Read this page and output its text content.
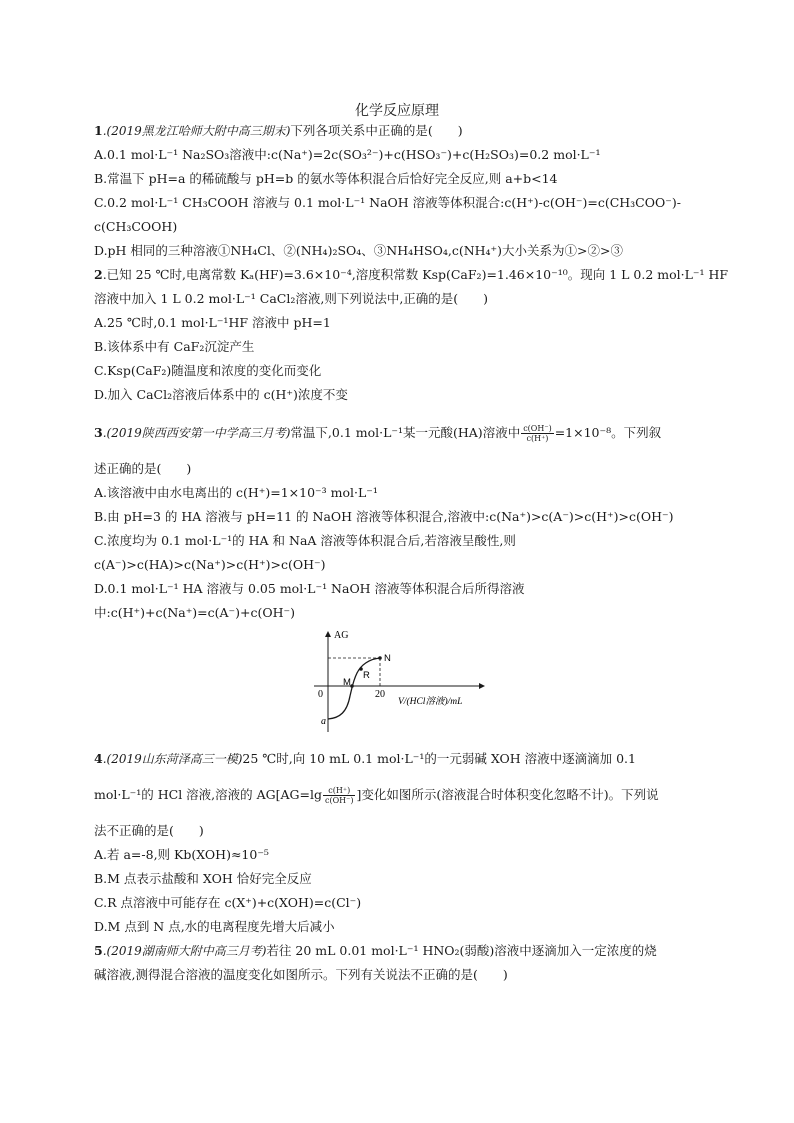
化学反应原理
1.(2019黑龙江哈师大附中高三期末)下列各项关系中正确的是(　　)
A.0.1 mol·L⁻¹ Na₂SO₃溶液中:c(Na⁺)=2c(SO₃²⁻)+c(HSO₃⁻)+c(H₂SO₃)=0.2 mol·L⁻¹
B.常温下 pH=a 的稀硫酸与 pH=b 的氨水等体积混合后恰好完全反应,则 a+b<14
C.0.2 mol·L⁻¹ CH₃COOH 溶液与 0.1 mol·L⁻¹ NaOH 溶液等体积混合:c(H⁺)-c(OH⁻)=c(CH₃COO⁻)-
c(CH₃COOH)
D.pH 相同的三种溶液①NH₄Cl、②(NH₄)₂SO₄、③NH₄HSO₄,c(NH₄⁺)大小关系为①>②>③
2.已知 25 ℃时,电离常数 Kₐ(HF)=3.6×10⁻⁴,溶度积常数 Ksp(CaF₂)=1.46×10⁻¹⁰。现向 1 L 0.2 mol·L⁻¹ HF
溶液中加入 1 L 0.2 mol·L⁻¹ CaCl₂溶液,则下列说法中,正确的是(　　)
A.25 ℃时,0.1 mol·L⁻¹HF 溶液中 pH=1
B.该体系中有 CaF₂沉淀产生
C.Ksp(CaF₂)随温度和浓度的变化而变化
D.加入 CaCl₂溶液后体系中的 c(H⁺)浓度不变
3.(2019陕西西安第一中学高三月考)常温下,0.1 mol·L⁻¹某一元酸(HA)溶液中 $\frac{c(OH^-)}{c(H^+)} =1\times 10^{-8}$。下列叙
述正确的是(　　)
A.该溶液中由水电离出的 c(H⁺)=1×10⁻³ mol·L⁻¹
B.由 pH=3 的 HA 溶液与 pH=11 的 NaOH 溶液等体积混合,溶液中:c(Na⁺)>c(A⁻)>c(H⁺)>c(OH⁻)
C.浓度均为 0.1 mol·L⁻¹的 HA 和 NaA 溶液等体积混合后,若溶液呈酸性,则
c(A⁻)>c(HA)>c(Na⁺)>c(H⁺)>c(OH⁻)
D.0.1 mol·L⁻¹ HA 溶液与 0.05 mol·L⁻¹ NaOH 溶液等体积混合后所得溶液
中:c(H⁺)+c(Na⁺)=c(A⁻)+c(OH⁻)
AG
0	20
V/(HCl溶液)/mL
a
M
R
N
4.(2019山东菏泽高三一模)25 ℃时,向 10 mL 0.1 mol·L⁻¹的一元弱碱 XOH 溶液中逐滴滴加 0.1
mol·L⁻¹的 HCl 溶液,溶液的 $AG[AG=\lg \frac{c(H^+)}{c(OH^-)}$ ]变化如图所示(溶液混合时体积变化忽略不计)。下列说
法不正确的是(　　)
A.若 a=-8,则 Kb(XOH)≈10⁻⁵
B.M 点表示盐酸和 XOH 恰好完全反应
C.R 点溶液中可能存在 c(X⁺)+c(XOH)=c(Cl⁻)
D.M 点到 N 点,水的电离程度先增大后减小
5.(2019湖南师大附中高三月考)若往 20 mL 0.01 mol·L⁻¹ HNO₂(弱酸)溶液中逐滴加入一定浓度的烧
碱溶液,测得混合溶液的温度变化如图所示。下列有关说法不正确的是(　　)
